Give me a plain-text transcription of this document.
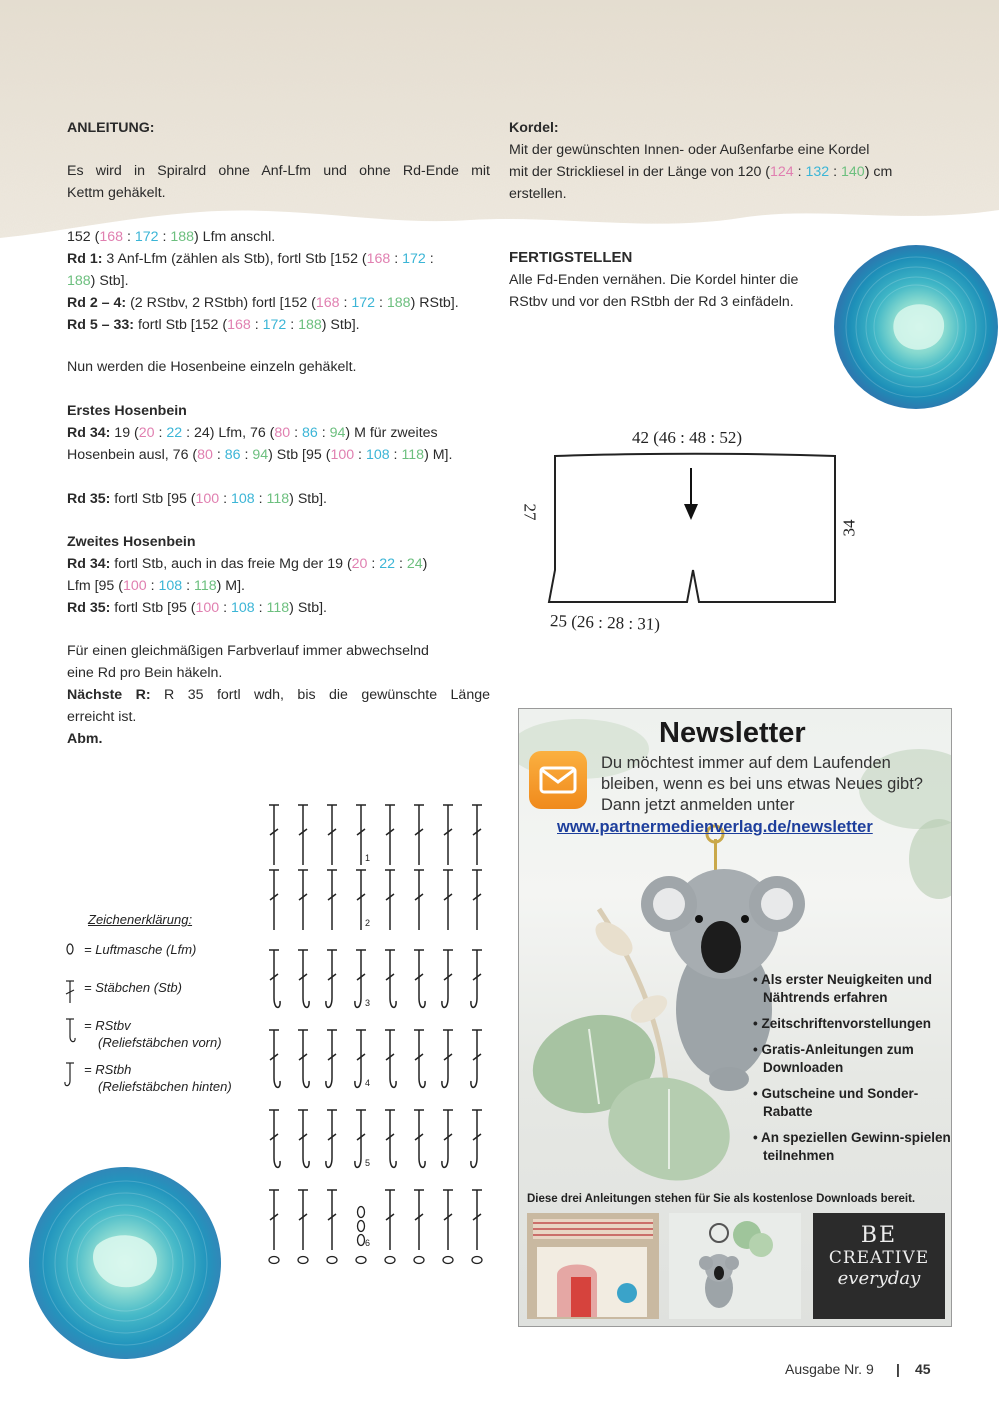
ANLEITUNG:
Es wird in Spiralrd ohne Anf-Lfm und ohne Rd-Ende mit
Kettm gehäkelt.
152 (168 : 172 : 188) Lfm anschl.
Rd 1: 3 Anf-Lfm (zählen als Stb), fortl Stb [152 (168 : 172 :
188) Stb].
Rd 2 – 4: (2 RStbv, 2 RStbh) fortl [152 (168 : 172 : 188) RStb].
Rd 5 – 33: fortl Stb [152 (168 : 172 : 188) Stb].
Nun werden die Hosenbeine einzeln gehäkelt.
Erstes Hosenbein
Rd 34: 19 (20 : 22 : 24) Lfm, 76 (80 : 86 : 94) M für zweites
Hosenbein ausl, 76 (80 : 86 : 94) Stb [95 (100 : 108 : 118) M].
Rd 35: fortl Stb [95 (100 : 108 : 118) Stb].
Zweites Hosenbein
Rd 34: fortl Stb, auch in das freie Mg der 19 (20 : 22 : 24)
Lfm [95 (100 : 108 : 118) M].
Rd 35: fortl Stb [95 (100 : 108 : 118) Stb].
Für einen gleichmäßigen Farbverlauf immer abwechselnd
eine Rd pro Bein häkeln.
Nächste R: R 35 fortl wdh, bis die gewünschte Länge
erreicht ist.
Abm.
Kordel:
Mit der gewünschten Innen- oder Außenfarbe eine Kordel
mit der Strickliesel in der Länge von 120 (124 : 132 : 140) cm
erstellen.
FERTIGSTELLEN
Alle Fd-Enden vernähen. Die Kordel hinter die
RStbv und vor den RStbh der Rd 3 einfädeln.
42 (46 : 48 : 52)
27
34
25 (26 : 28 : 31)
6
5
4
3
2
1
Zeichenerklärung:
= Luftmasche (Lfm)
= Stäbchen (Stb)
= RStbv
(Reliefstäbchen vorn)
= RStbh
(Reliefstäbchen hinten)
Newsletter
Du möchtest immer auf dem Laufenden bleiben, wenn es bei uns etwas Neues gibt? Dann jetzt anmelden unter
www.partnermedienverlag.de/newsletter
• Als erster Neuigkeiten und Nähtrends erfahren
• Zeitschriftenvorstellungen
• Gratis-Anleitungen zum Downloaden
• Gutscheine und Sonder-Rabatte
• An speziellen Gewinn-spielen teilnehmen
Diese drei Anleitungen stehen für Sie als kostenlose Downloads bereit.
BE
CREATIVE
everyday
Ausgabe Nr. 9 | 45
